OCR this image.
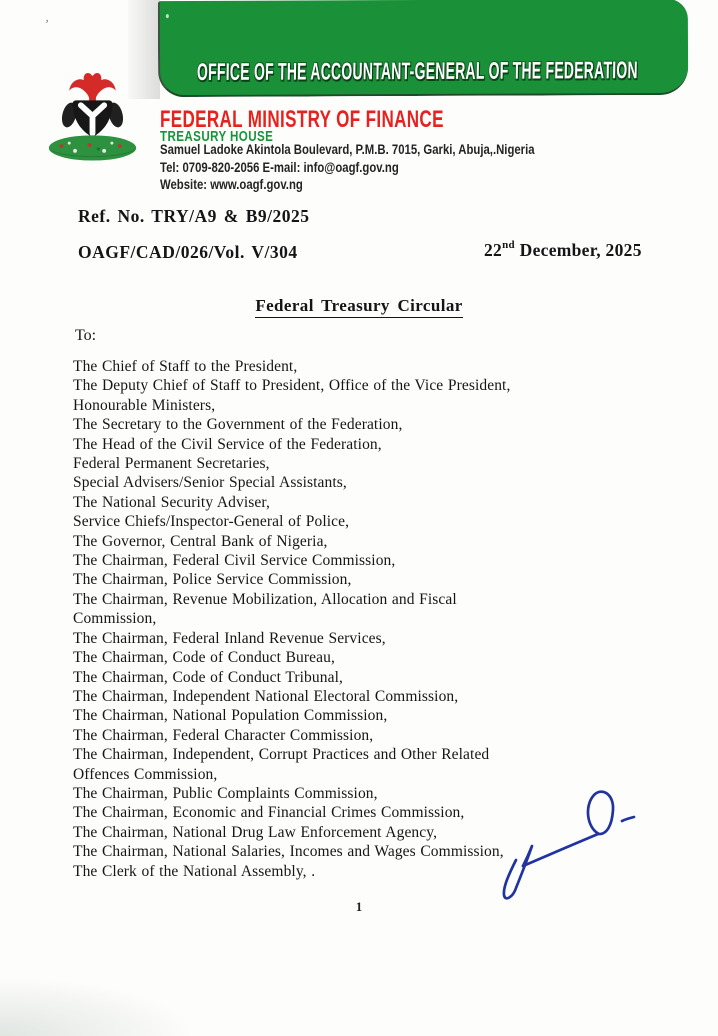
’
OFFICE OF THE ACCOUNTANT-GENERAL OF THE FEDERATION
FEDERAL MINISTRY OF FINANCE
TREASURY HOUSE
Samuel Ladoke Akintola Boulevard, P.M.B. 7015, Garki, Abuja,.Nigeria
Tel: 0709-820-2056 E-mail: info@oagf.gov.ng
Website: www.oagf.gov.ng
Ref. No. TRY/A9 & B9/2025
OAGF/CAD/026/Vol. V/304	22nd December, 2025
Federal Treasury Circular
To:
The Chief of Staff to the President,
The Deputy Chief of Staff to President, Office of the Vice President,
Honourable Ministers,
The Secretary to the Government of the Federation,
The Head of the Civil Service of the Federation,
Federal Permanent Secretaries,
Special Advisers/Senior Special Assistants,
The National Security Adviser,
Service Chiefs/Inspector-General of Police,
The Governor, Central Bank of Nigeria,
The Chairman, Federal Civil Service Commission,
The Chairman, Police Service Commission,
The Chairman, Revenue Mobilization, Allocation and Fiscal
Commission,
The Chairman, Federal Inland Revenue Services,
The Chairman, Code of Conduct Bureau,
The Chairman, Code of Conduct Tribunal,
The Chairman, Independent National Electoral Commission,
The Chairman, National Population Commission,
The Chairman, Federal Character Commission,
The Chairman, Independent, Corrupt Practices and Other Related
Offences Commission,
The Chairman, Public Complaints Commission,
The Chairman, Economic and Financial Crimes Commission,
The Chairman, National Drug Law Enforcement Agency,
The Chairman, National Salaries, Incomes and Wages Commission,
The Clerk of the National Assembly, .
1
